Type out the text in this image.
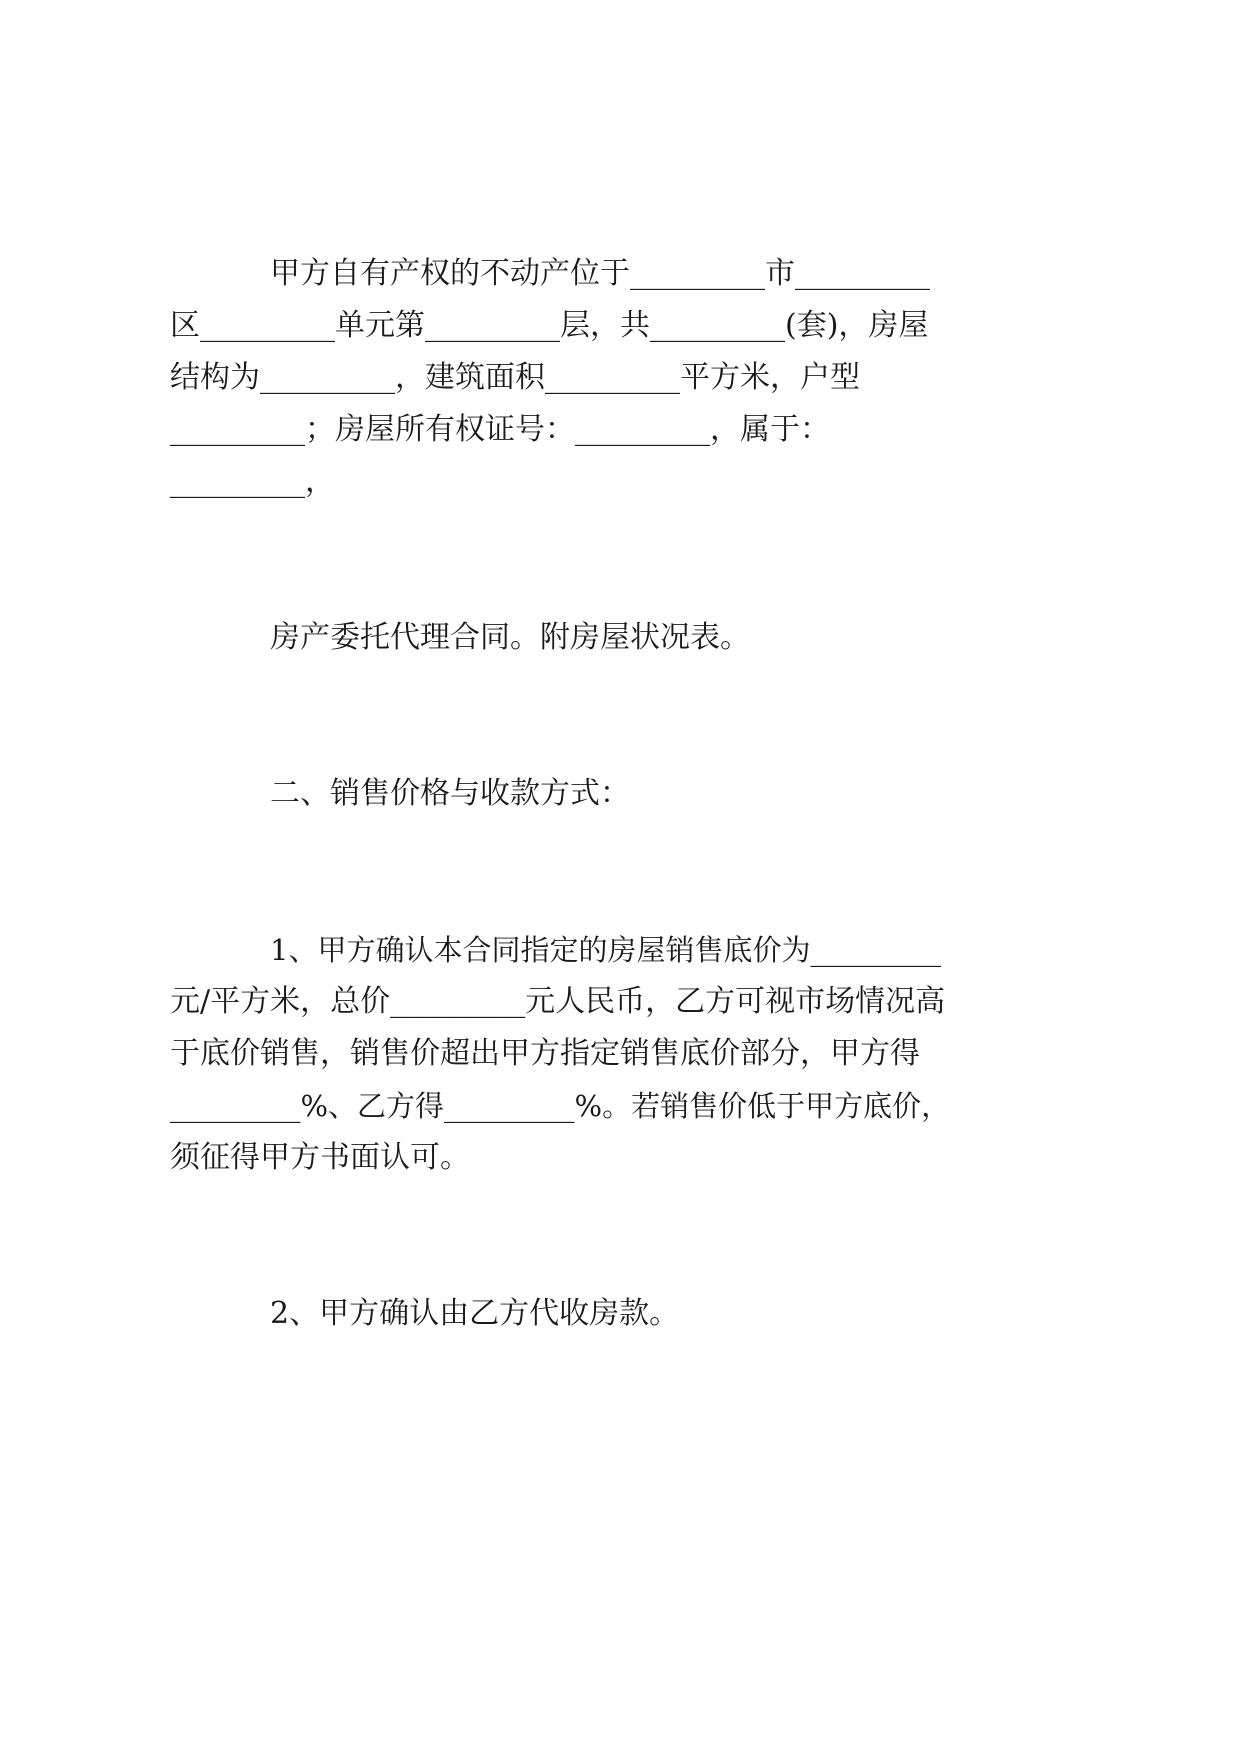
甲方自有产权的不动产位于_________市_________
区_________单元第_________层，共_________(套)，房屋
结构为_________，建筑面积_________平方米，户型
_________；房屋所有权证号：_________，属于：
_________，
房产委托代理合同。附房屋状况表。
二、销售价格与收款方式：
1、甲方确认本合同指定的房屋销售底价为_________
元/平方米，总价_________元人民币，乙方可视市场情况高
于底价销售，销售价超出甲方指定销售底价部分，甲方得
_________%、乙方得_________%。若销售价低于甲方底价，
须征得甲方书面认可。
2、甲方确认由乙方代收房款。
